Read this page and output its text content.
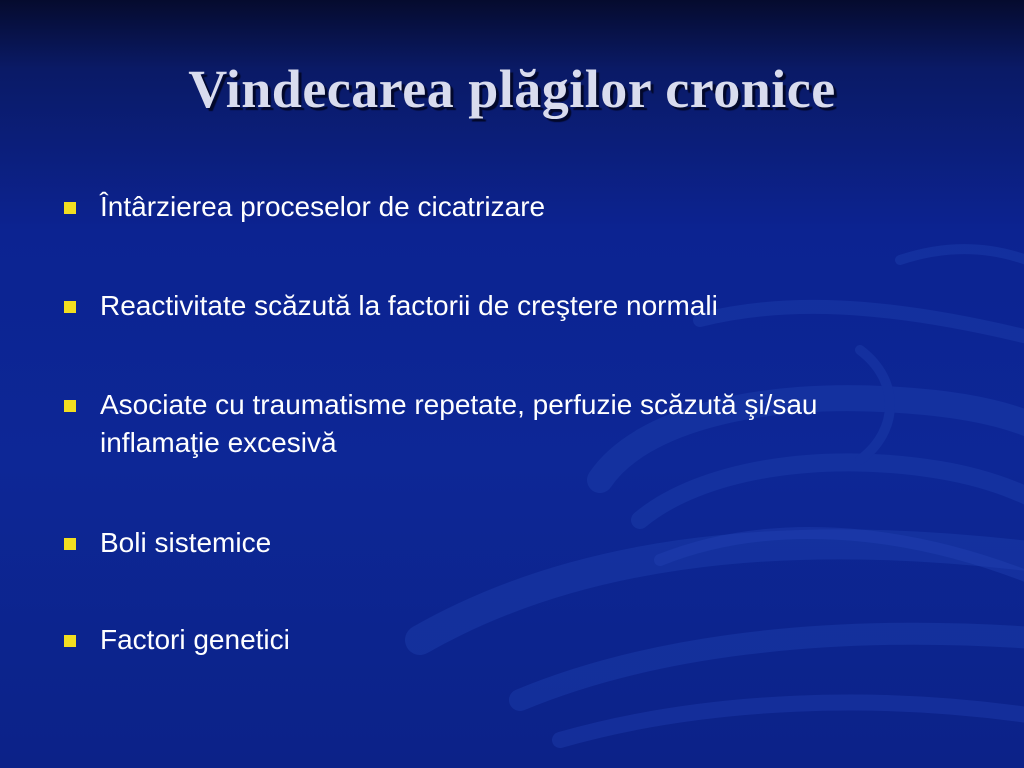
Vindecarea plăgilor cronice
Întârzierea proceselor de cicatrizare
Reactivitate scăzută la factorii de creştere normali
Asociate cu traumatisme repetate, perfuzie scăzută şi/sau inflamaţie excesivă
Boli sistemice
Factori genetici
